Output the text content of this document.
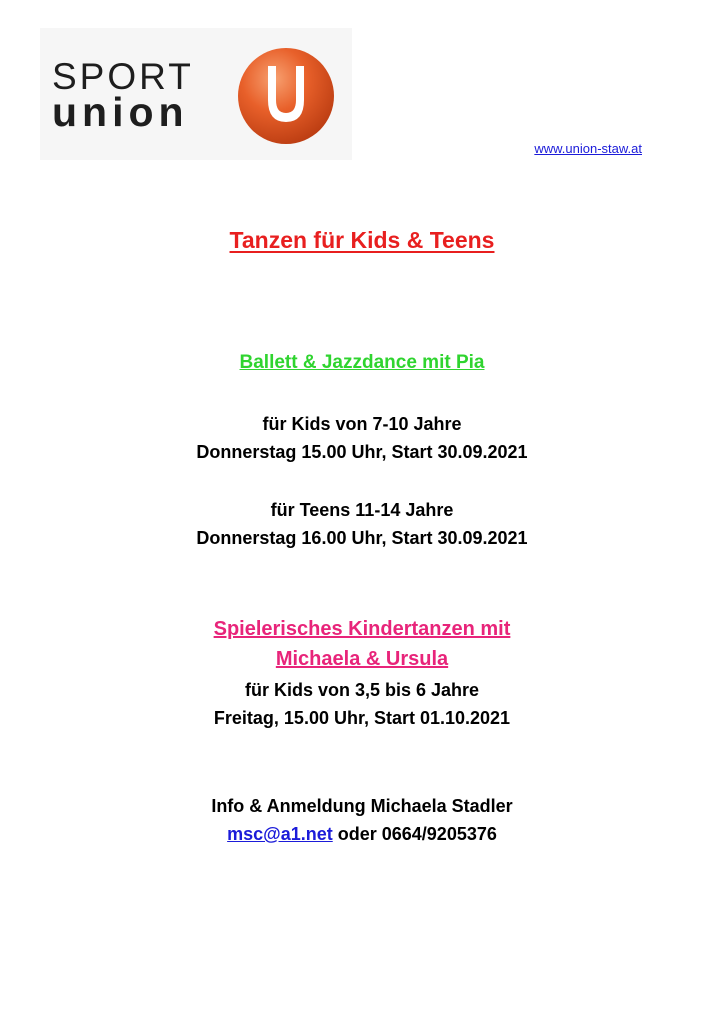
SPORT
union
www.union-staw.at
Tanzen für Kids & Teens
Ballett & Jazzdance mit Pia
für Kids von 7-10 Jahre
Donnerstag 15.00 Uhr, Start 30.09.2021
für Teens 11-14 Jahre
Donnerstag 16.00 Uhr, Start 30.09.2021
Spielerisches Kindertanzen mit
Michaela & Ursula
für Kids von 3,5 bis 6 Jahre
Freitag, 15.00 Uhr, Start 01.10.2021
Info & Anmeldung Michaela Stadler
msc@a1.net oder 0664/9205376
